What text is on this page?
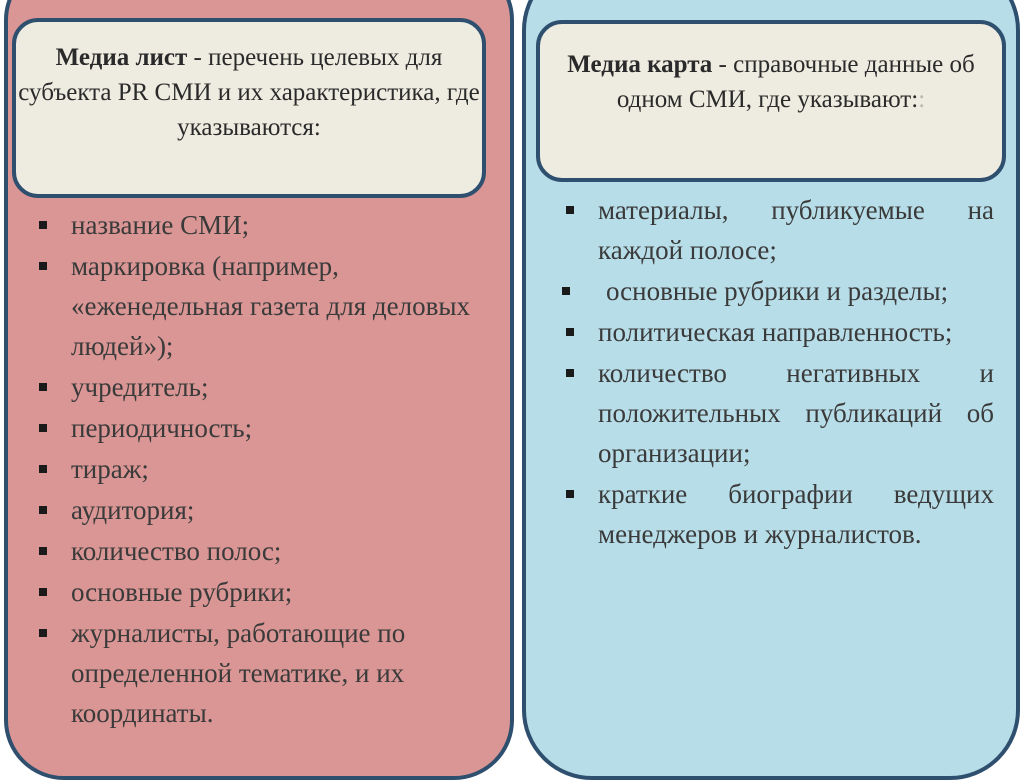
Медиа лист - перечень целевых для субъекта PR СМИ и их характеристика, где указываются:
Медиа карта - справочные данные об одном СМИ, где указывают::
название СМИ;
маркировка (например, «еженедельная газета для деловых людей»);
учредитель;
периодичность;
тираж;
аудитория;
количество полос;
основные рубрики;
журналисты, работающие по определенной тематике, и их координаты.
материалы, публикуемые на каждой полосе;
основные рубрики и разделы;
политическая направленность;
количество негативных и положительных публикаций об организации;
краткие биографии ведущих менеджеров и журналистов.
